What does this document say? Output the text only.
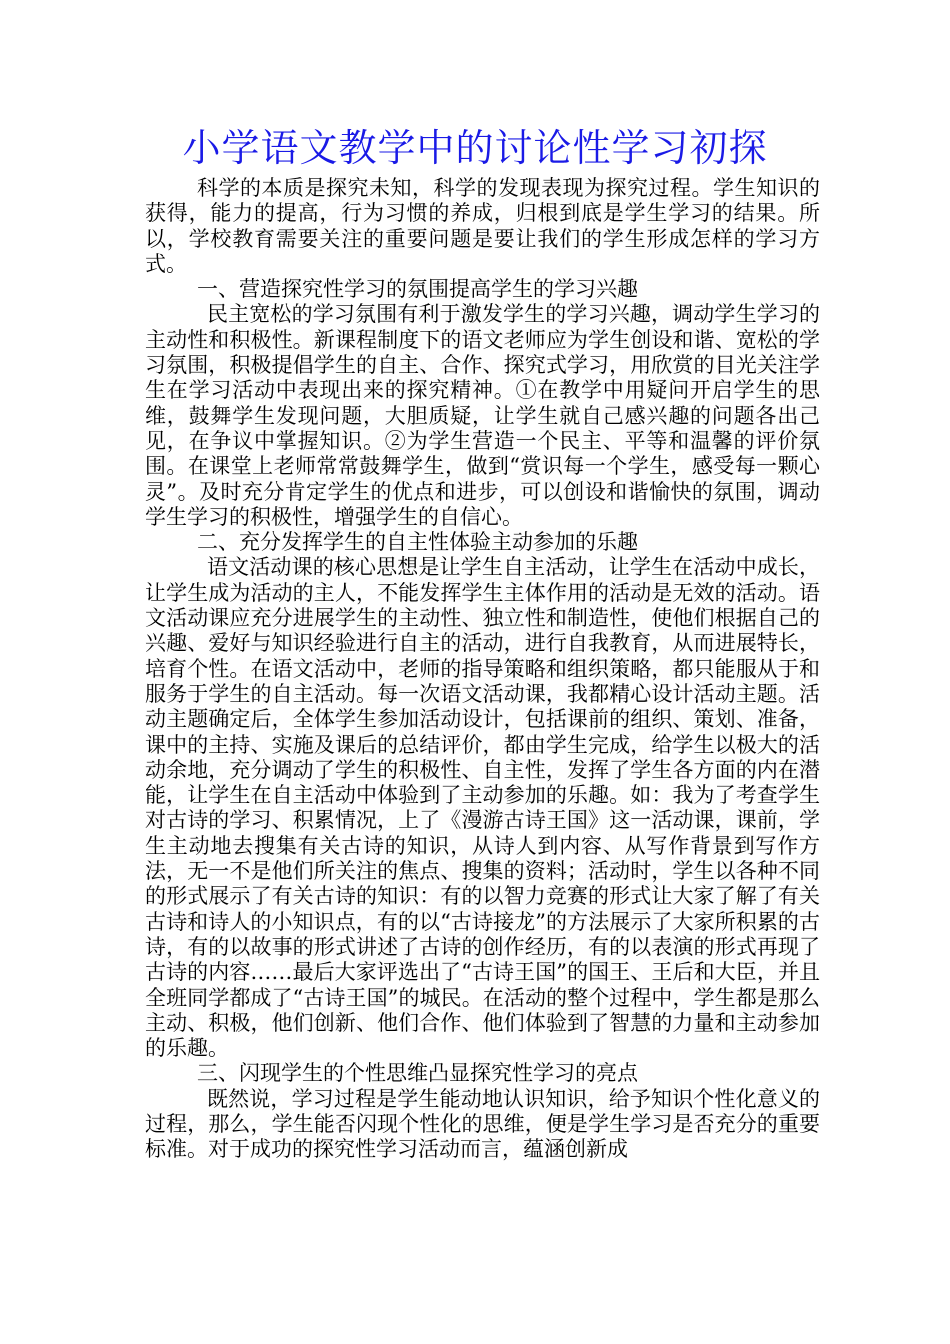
小学语文教学中的讨论性学习初探

科学的本质是探究未知，科学的发现表现为探究过程。学生知识的获得，能力的提高，行为习惯的养成，归根到底是学生学习的结果。所以，学校教育需要关注的重要问题是要让我们的学生形成怎样的学习方式。

一、营造探究性学习的氛围提高学生的学习兴趣

民主宽松的学习氛围有利于激发学生的学习兴趣，调动学生学习的主动性和积极性。新课程制度下的语文老师应为学生创设和谐、宽松的学习氛围，积极提倡学生的自主、合作、探究式学习，用欣赏的目光关注学生在学习活动中表现出来的探究精神。①在教学中用疑问开启学生的思维，鼓舞学生发现问题，大胆质疑，让学生就自己感兴趣的问题各出己见，在争议中掌握知识。②为学生营造一个民主、平等和温馨的评价氛围。在课堂上老师常常鼓舞学生，做到“赏识每一个学生，感受每一颗心灵”。及时充分肯定学生的优点和进步，可以创设和谐愉快的氛围，调动学生学习的积极性，增强学生的自信心。

二、充分发挥学生的自主性体验主动参加的乐趣

语文活动课的核心思想是让学生自主活动，让学生在活动中成长，让学生成为活动的主人，不能发挥学生主体作用的活动是无效的活动。语文活动课应充分进展学生的主动性、独立性和制造性，使他们根据自己的兴趣、爱好与知识经验进行自主的活动，进行自我教育，从而进展特长，培育个性。在语文活动中，老师的指导策略和组织策略，都只能服从于和服务于学生的自主活动。每一次语文活动课，我都精心设计活动主题。活动主题确定后，全体学生参加活动设计，包括课前的组织、策划、准备，课中的主持、实施及课后的总结评价，都由学生完成，给学生以极大的活动余地，充分调动了学生的积极性、自主性，发挥了学生各方面的内在潜能，让学生在自主活动中体验到了主动参加的乐趣。如：我为了考查学生对古诗的学习、积累情况，上了《漫游古诗王国》这一活动课，课前，学生主动地去搜集有关古诗的知识，从诗人到内容、从写作背景到写作方法，无一不是他们所关注的焦点、搜集的资料；活动时，学生以各种不同的形式展示了有关古诗的知识：有的以智力竞赛的形式让大家了解了有关古诗和诗人的小知识点，有的以“古诗接龙”的方法展示了大家所积累的古诗，有的以故事的形式讲述了古诗的创作经历，有的以表演的形式再现了古诗的内容……最后大家评选出了“古诗王国”的国王、王后和大臣，并且全班同学都成了“古诗王国”的城民。在活动的整个过程中，学生都是那么主动、积极，他们创新、他们合作、他们体验到了智慧的力量和主动参加的乐趣。

三、闪现学生的个性思维凸显探究性学习的亮点

既然说，学习过程是学生能动地认识知识，给予知识个性化意义的过程，那么，学生能否闪现个性化的思维，便是学生学习是否充分的重要标准。对于成功的探究性学习活动而言，蕴涵创新成
